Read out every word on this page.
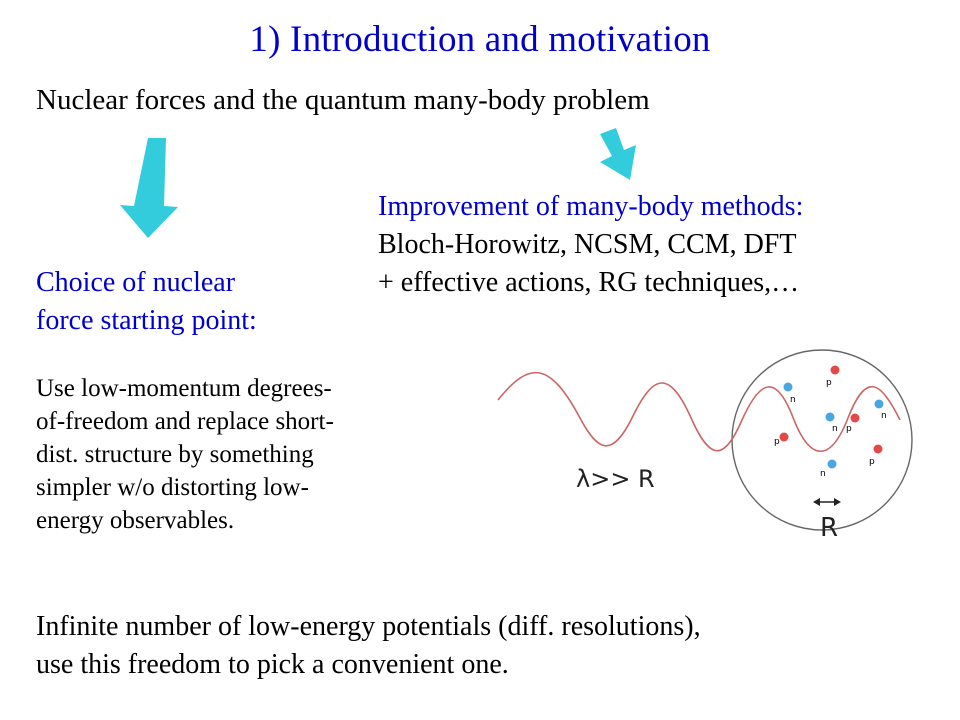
1) Introduction and motivation
Nuclear forces and the quantum many-body problem
Improvement of many-body methods:
Bloch-Horowitz, NCSM, CCM, DFT
+ effective actions, RG techniques,…
Choice of nuclear
force starting point:
Use low-momentum degrees-
of-freedom and replace short-
dist. structure by something
simpler w/o distorting low-
energy observables.
p
n
n
p
n
p
p
n
λ>> R
R
Infinite number of low-energy potentials (diff. resolutions),
use this freedom to pick a convenient one.
